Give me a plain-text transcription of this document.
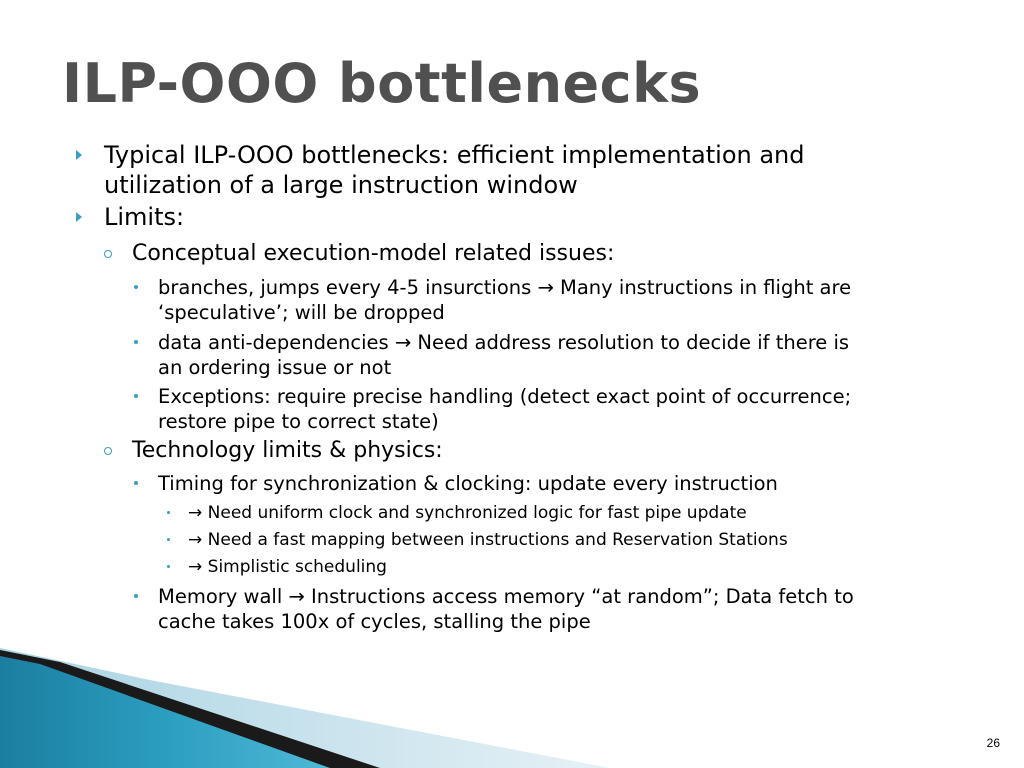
ILP-OOO bottlenecks
Typical ILP-OOO bottlenecks: efficient implementation and
utilization of a large instruction window
Limits:
Conceptual execution-model related issues:
branches, jumps every 4-5 insurctions → Many instructions in flight are
‘speculative’; will be dropped
data anti-dependencies → Need address resolution to decide if there is
an ordering issue or not
Exceptions: require precise handling (detect exact point of occurrence;
restore pipe to correct state)
Technology limits & physics:
Timing for synchronization & clocking: update every instruction
→ Need uniform clock and synchronized logic for fast pipe update
→ Need a fast mapping between instructions and Reservation Stations
→ Simplistic scheduling
Memory wall → Instructions access memory “at random”; Data fetch to
cache takes 100x of cycles, stalling the pipe
26
